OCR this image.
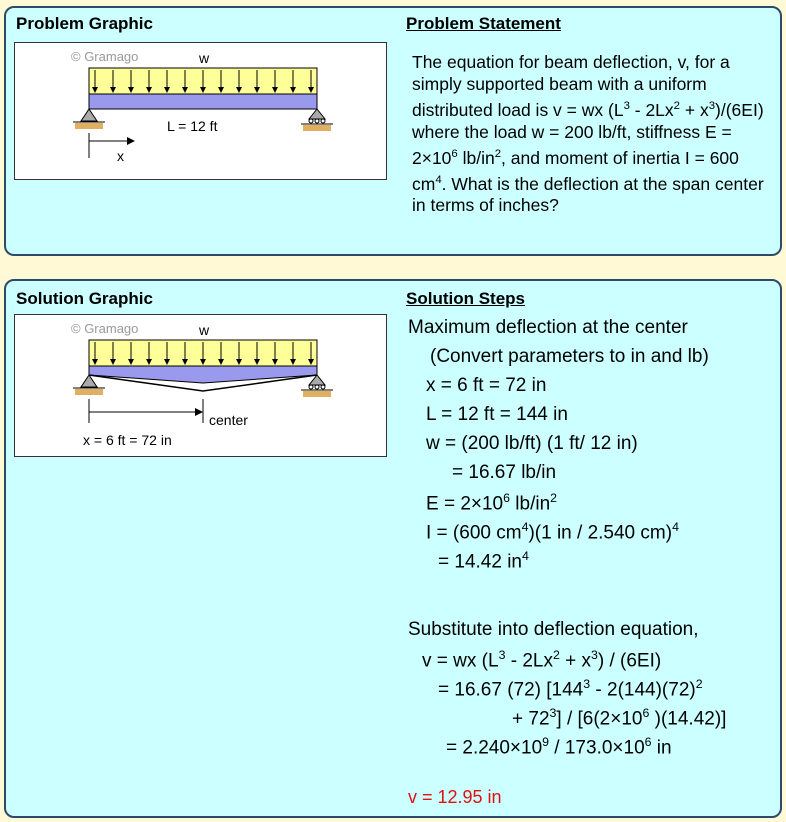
Problem Graphic	Problem Statement
© Gramago	w
L = 12 ft
x
The equation for beam deflection, v, for a simply supported beam with a uniform distributed load is v = wx $(L^3 - 2Lx^2 + x^3)/(6EI)$ where the load w = 200 lb/ft, stiffness $E = 2\times 10^6$ $lb/in^2$, and moment of inertia I = 600 $cm^4$. What is the deflection at the span center in terms of inches?
Solution Graphic	Solution Steps
© Gramago	w
center
x = 6 ft = 72 in
Maximum deflection at the center
(Convert parameters to in and lb)
x = 6 ft = 72 in
L = 12 ft = 144 in
w = (200 lb/ft) (1 ft/ 12 in)
= 16.67 lb/in
$E = 2\times 10^6$ $lb/in^2$
I = (600 $cm^4)(1$ in / 2.540 cm)$^4$
= 14.42 $in^4$
Substitute into deflection equation,
v = wx $(L^3 - 2Lx^2 + x^3) / (6EI)$
= 16.67 (72) [$144^3 - 2(144)(72)^2$
+ $72^3] / [6(2\times 10^6$ )(14.42)]
= $2.240\times 10^9 / 173.0\times 10^6$ in
v = 12.95 in
